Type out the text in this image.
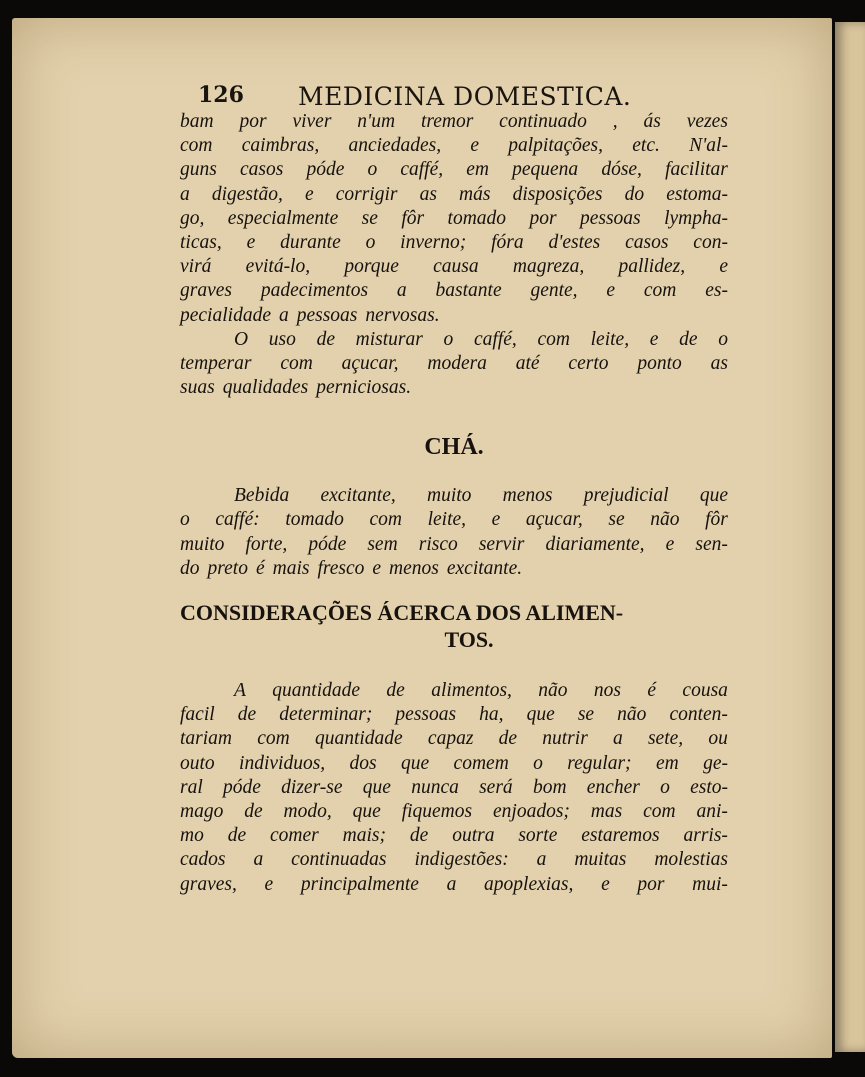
126 MEDICINA DOMESTICA.
bam por viver n'um tremor continuado , ás vezes
com caimbras, anciedades, e palpitações, etc. N'al-
guns casos póde o caffé, em pequena dóse, facilitar
a digestão, e corrigir as más disposições do estoma-
go, especialmente se fôr tomado por pessoas lympha-
ticas, e durante o inverno; fóra d'estes casos con-
virá evitá-lo, porque causa magreza, pallidez, e
graves padecimentos a bastante gente, e com es-
pecialidade a pessoas nervosas.
O uso de misturar o caffé, com leite, e de o
temperar com açucar, modera até certo ponto as
suas qualidades perniciosas.
CHÁ.
Bebida excitante, muito menos prejudicial que
o caffé: tomado com leite, e açucar, se não fôr
muito forte, póde sem risco servir diariamente, e sen-
do preto é mais fresco e menos excitante.
CONSIDERAÇÕES ÁCERCA DOS ALIMEN-
TOS.
A quantidade de alimentos, não nos é cousa
facil de determinar; pessoas ha, que se não conten-
tariam com quantidade capaz de nutrir a sete, ou
outo individuos, dos que comem o regular; em ge-
ral póde dizer-se que nunca será bom encher o esto-
mago de modo, que fiquemos enjoados; mas com ani-
mo de comer mais; de outra sorte estaremos arris-
cados a continuadas indigestões: a muitas molestias
graves, e principalmente a apoplexias, e por mui-
